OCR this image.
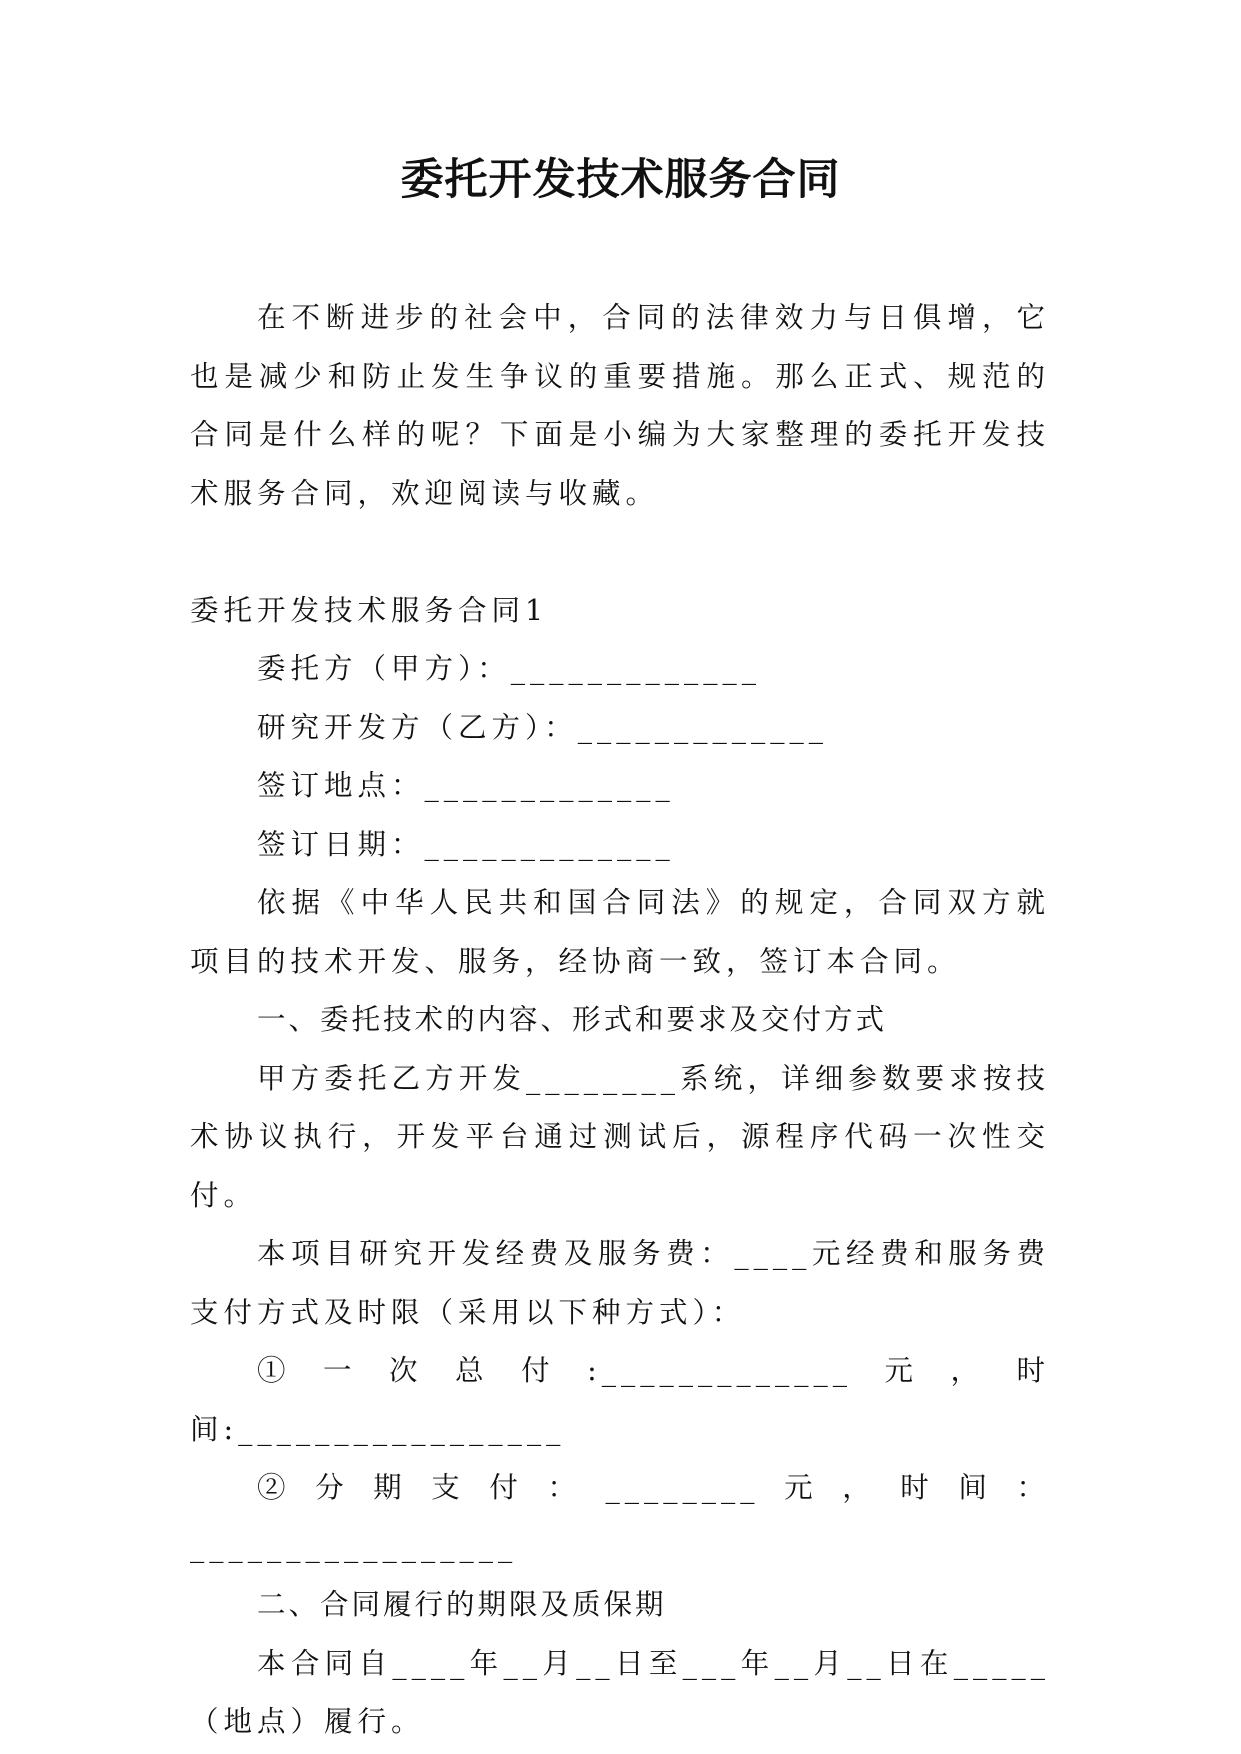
委托开发技术服务合同

在不断进步的社会中，合同的法律效力与日俱增，它也是减少和防止发生争议的重要措施。那么正式、规范的合同是什么样的呢？下面是小编为大家整理的委托开发技术服务合同，欢迎阅读与收藏。

委托开发技术服务合同1

委托方（甲方）：_____________

研究开发方（乙方）：_____________

签订地点：_____________

签订日期：_____________

依据《中华人民共和国合同法》的规定，合同双方就项目的技术开发、服务，经协商一致，签订本合同。

一、委托技术的内容、形式和要求及交付方式

甲方委托乙方开发________系统，详细参数要求按技术协议执行，开发平台通过测试后，源程序代码一次性交付。

本项目研究开发经费及服务费：____元经费和服务费支付方式及时限（采用以下种方式）：

①一次总付:_____________元，时间:_________________

②分期支付：________元，时间：_________________

二、合同履行的期限及质保期

本合同自____年__月__日至___年__月__日在_____（地点）履行。
